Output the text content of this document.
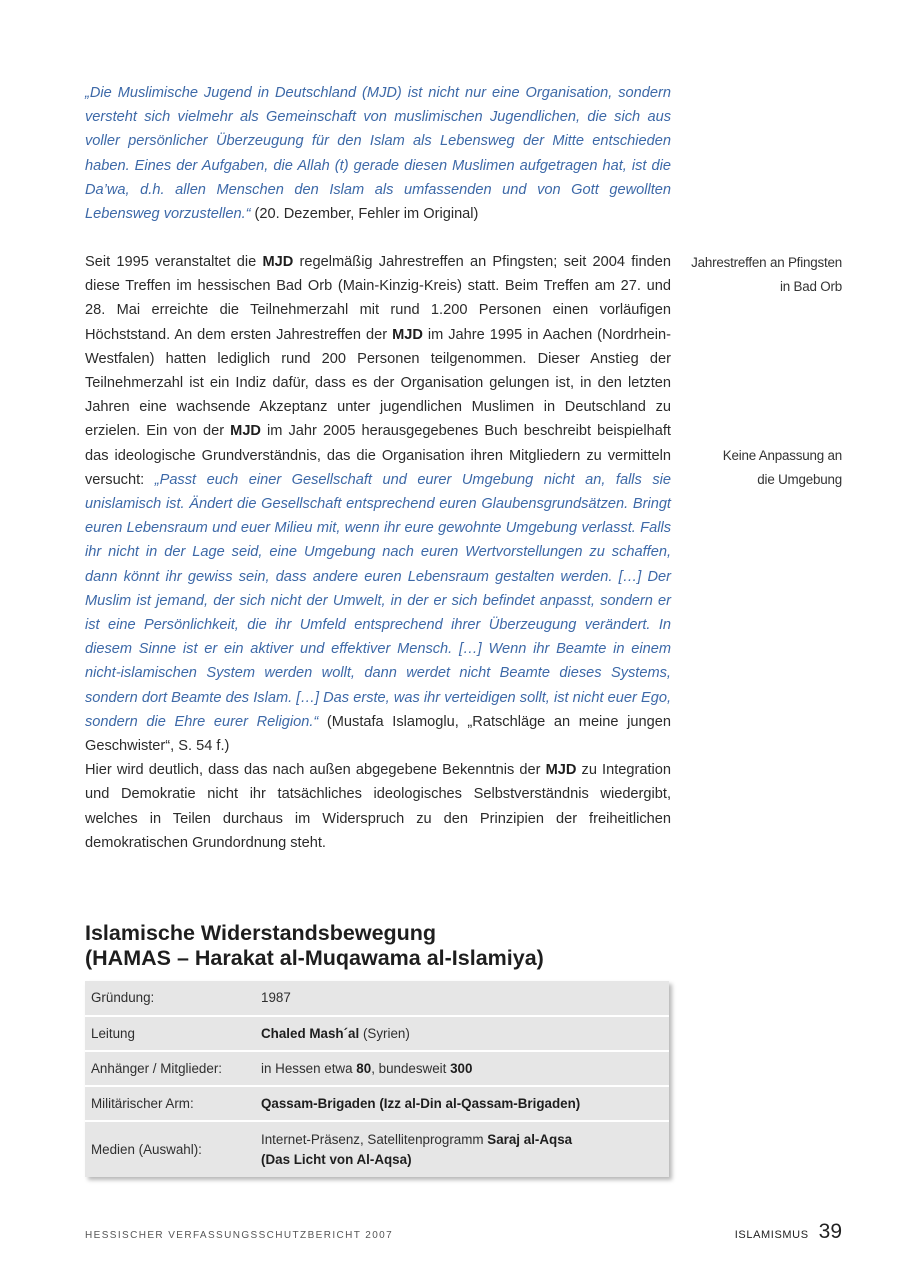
„Die Muslimische Jugend in Deutschland (MJD) ist nicht nur eine Organisation, sondern versteht sich vielmehr als Gemeinschaft von muslimischen Jugendlichen, die sich aus voller persönlicher Überzeugung für den Islam als Lebensweg der Mitte entschieden haben. Eines der Aufgaben, die Allah (t) gerade diesen Muslimen aufgetragen hat, ist die Da’wa, d.h. allen Menschen den Islam als umfassenden und von Gott gewollten Lebensweg vorzustellen.“ (20. Dezember, Fehler im Original)

Seit 1995 veranstaltet die MJD regelmäßig Jahrestreffen an Pfingsten; seit 2004 finden diese Treffen im hessischen Bad Orb (Main-Kinzig-Kreis) statt. Beim Treffen am 27. und 28. Mai erreichte die Teilnehmerzahl mit rund 1.200 Personen einen vorläufigen Höchststand. An dem ersten Jahrestreffen der MJD im Jahre 1995 in Aachen (Nordrhein-Westfalen) hatten lediglich rund 200 Personen teilgenommen. Dieser Anstieg der Teilnehmerzahl ist ein Indiz dafür, dass es der Organisation gelungen ist, in den letzten Jahren eine wachsende Akzeptanz unter jugendlichen Muslimen in Deutschland zu erzielen. Ein von der MJD im Jahr 2005 herausgegebenes Buch beschreibt beispielhaft das ideologische Grundverständnis, das die Organisation ihren Mitgliedern zu vermitteln versucht: „Passt euch einer Gesellschaft und eurer Umgebung nicht an, falls sie unislamisch ist. Ändert die Gesellschaft entsprechend euren Glaubensgrundsätzen. Bringt euren Lebensraum und euer Milieu mit, wenn ihr eure gewohnte Umgebung verlasst. Falls ihr nicht in der Lage seid, eine Umgebung nach euren Wertvorstellungen zu schaffen, dann könnt ihr gewiss sein, dass andere euren Lebensraum gestalten werden. […] Der Muslim ist jemand, der sich nicht der Umwelt, in der er sich befindet anpasst, sondern er ist eine Persönlichkeit, die ihr Umfeld entsprechend ihrer Überzeugung verändert. In diesem Sinne ist er ein aktiver und effektiver Mensch. […] Wenn ihr Beamte in einem nicht-islamischen System werden wollt, dann werdet nicht Beamte dieses Systems, sondern dort Beamte des Islam. […] Das erste, was ihr verteidigen sollt, ist nicht euer Ego, sondern die Ehre eurer Religion.“ (Mustafa Islamoglu, „Ratschläge an meine jungen Geschwister“, S. 54 f.)

Hier wird deutlich, dass das nach außen abgegebene Bekenntnis der MJD zu Integration und Demokratie nicht ihr tatsächliches ideologisches Selbstverständnis wiedergibt, welches in Teilen durchaus im Widerspruch zu den Prinzipien der freiheitlichen demokratischen Grundordnung steht.

Jahrestreffen an Pfingsten
in Bad Orb
Keine Anpassung an
die Umgebung
Islamische Widerstandsbewegung
(HAMAS – Harakat al-Muqawama al-Islamiya)
Gründung:	1987
Leitung	Chaled Mash´al (Syrien)
Anhänger / Mitglieder:	in Hessen etwa 80, bundesweit 300
Militärischer Arm:	Qassam-Brigaden (Izz al-Din al-Qassam-Brigaden)
Medien (Auswahl):	Internet-Präsenz, Satellitenprogramm Saraj al-Aqsa
(Das Licht von Al-Aqsa)
HESSISCHER VERFASSUNGSSCHUTZBERICHT 2007	ISLAMISMUS 39
